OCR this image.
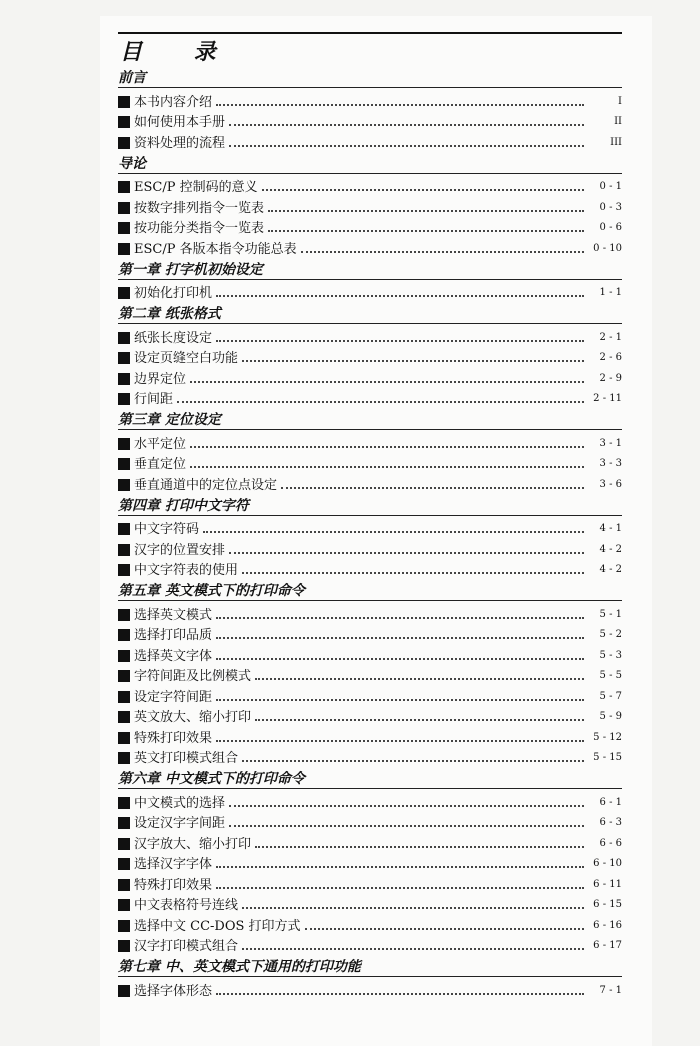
目 录
前言
本书内容介绍	I
如何使用本手册	II
资料处理的流程	III
导论
ESC/P 控制码的意义	0 - 1
按数字排列指令一览表	0 - 3
按功能分类指令一览表	0 - 6
ESC/P 各版本指令功能总表	0 - 10
第一章 打字机初始设定
初始化打印机	1 - 1
第二章 纸张格式
纸张长度设定	2 - 1
设定页缝空白功能	2 - 6
边界定位	2 - 9
行间距	2 - 11
第三章 定位设定
水平定位	3 - 1
垂直定位	3 - 3
垂直通道中的定位点设定	3 - 6
第四章 打印中文字符
中文字符码	4 - 1
汉字的位置安排	4 - 2
中文字符表的使用	4 - 2
第五章 英文模式下的打印命令
选择英文模式	5 - 1
选择打印品质	5 - 2
选择英文字体	5 - 3
字符间距及比例模式	5 - 5
设定字符间距	5 - 7
英文放大、缩小打印	5 - 9
特殊打印效果	5 - 12
英文打印模式组合	5 - 15
第六章 中文模式下的打印命令
中文模式的选择	6 - 1
设定汉字字间距	6 - 3
汉字放大、缩小打印	6 - 6
选择汉字字体	6 - 10
特殊打印效果	6 - 11
中文表格符号连线	6 - 15
选择中文 CC-DOS 打印方式	6 - 16
汉字打印模式组合	6 - 17
第七章 中、英文模式下通用的打印功能
选择字体形态	7 - 1
